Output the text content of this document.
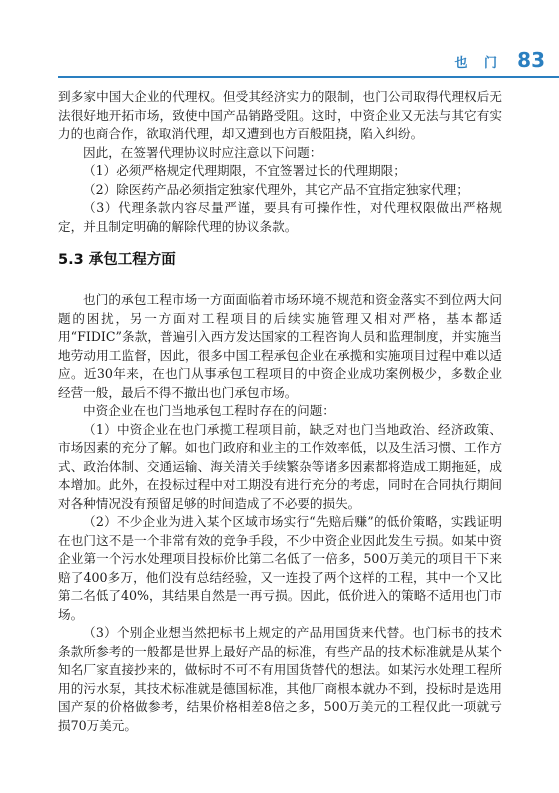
也 门 83

到多家中国大企业的代理权。但受其经济实力的限制，也门公司取得代理权后无法很好地开拓市场，致使中国产品销路受阻。这时，中资企业又无法与其它有实力的也商合作，欲取消代理，却又遭到也方百般阻挠，陷入纠纷。

因此，在签署代理协议时应注意以下问题：

（1）必须严格规定代理期限，不宜签署过长的代理期限；

（2）除医药产品必须指定独家代理外，其它产品不宜指定独家代理；

（3）代理条款内容尽量严谨，要具有可操作性，对代理权限做出严格规定，并且制定明确的解除代理的协议条款。

5.3 承包工程方面

也门的承包工程市场一方面面临着市场环境不规范和资金落实不到位两大问题的困扰，另一方面对工程项目的后续实施管理又相对严格，基本都适用“FIDIC”条款，普遍引入西方发达国家的工程咨询人员和监理制度，并实施当地劳动用工监督，因此，很多中国工程承包企业在承揽和实施项目过程中难以适应。近30年来，在也门从事承包工程项目的中资企业成功案例极少，多数企业经营一般，最后不得不撤出也门承包市场。

中资企业在也门当地承包工程时存在的问题：

（1）中资企业在也门承揽工程项目前，缺乏对也门当地政治、经济政策、市场因素的充分了解。如也门政府和业主的工作效率低，以及生活习惯、工作方式、政治体制、交通运输、海关清关手续繁杂等诸多因素都将造成工期拖延，成本增加。此外，在投标过程中对工期没有进行充分的考虑，同时在合同执行期间对各种情况没有预留足够的时间造成了不必要的损失。

（2）不少企业为进入某个区域市场实行“先赔后赚”的低价策略，实践证明在也门这不是一个非常有效的竞争手段，不少中资企业因此发生亏损。如某中资企业第一个污水处理项目投标价比第二名低了一倍多，500万美元的项目干下来赔了400多万，他们没有总结经验，又一连投了两个这样的工程，其中一个又比第二名低了40%，其结果自然是一再亏损。因此，低价进入的策略不适用也门市场。

（3）个别企业想当然把标书上规定的产品用国货来代替。也门标书的技术条款所参考的一般都是世界上最好产品的标准，有些产品的技术标准就是从某个知名厂家直接抄来的，做标时不可不有用国货替代的想法。如某污水处理工程所用的污水泵，其技术标准就是德国标准，其他厂商根本就办不到，投标时是选用国产泵的价格做参考，结果价格相差8倍之多，500万美元的工程仅此一项就亏损70万美元。
